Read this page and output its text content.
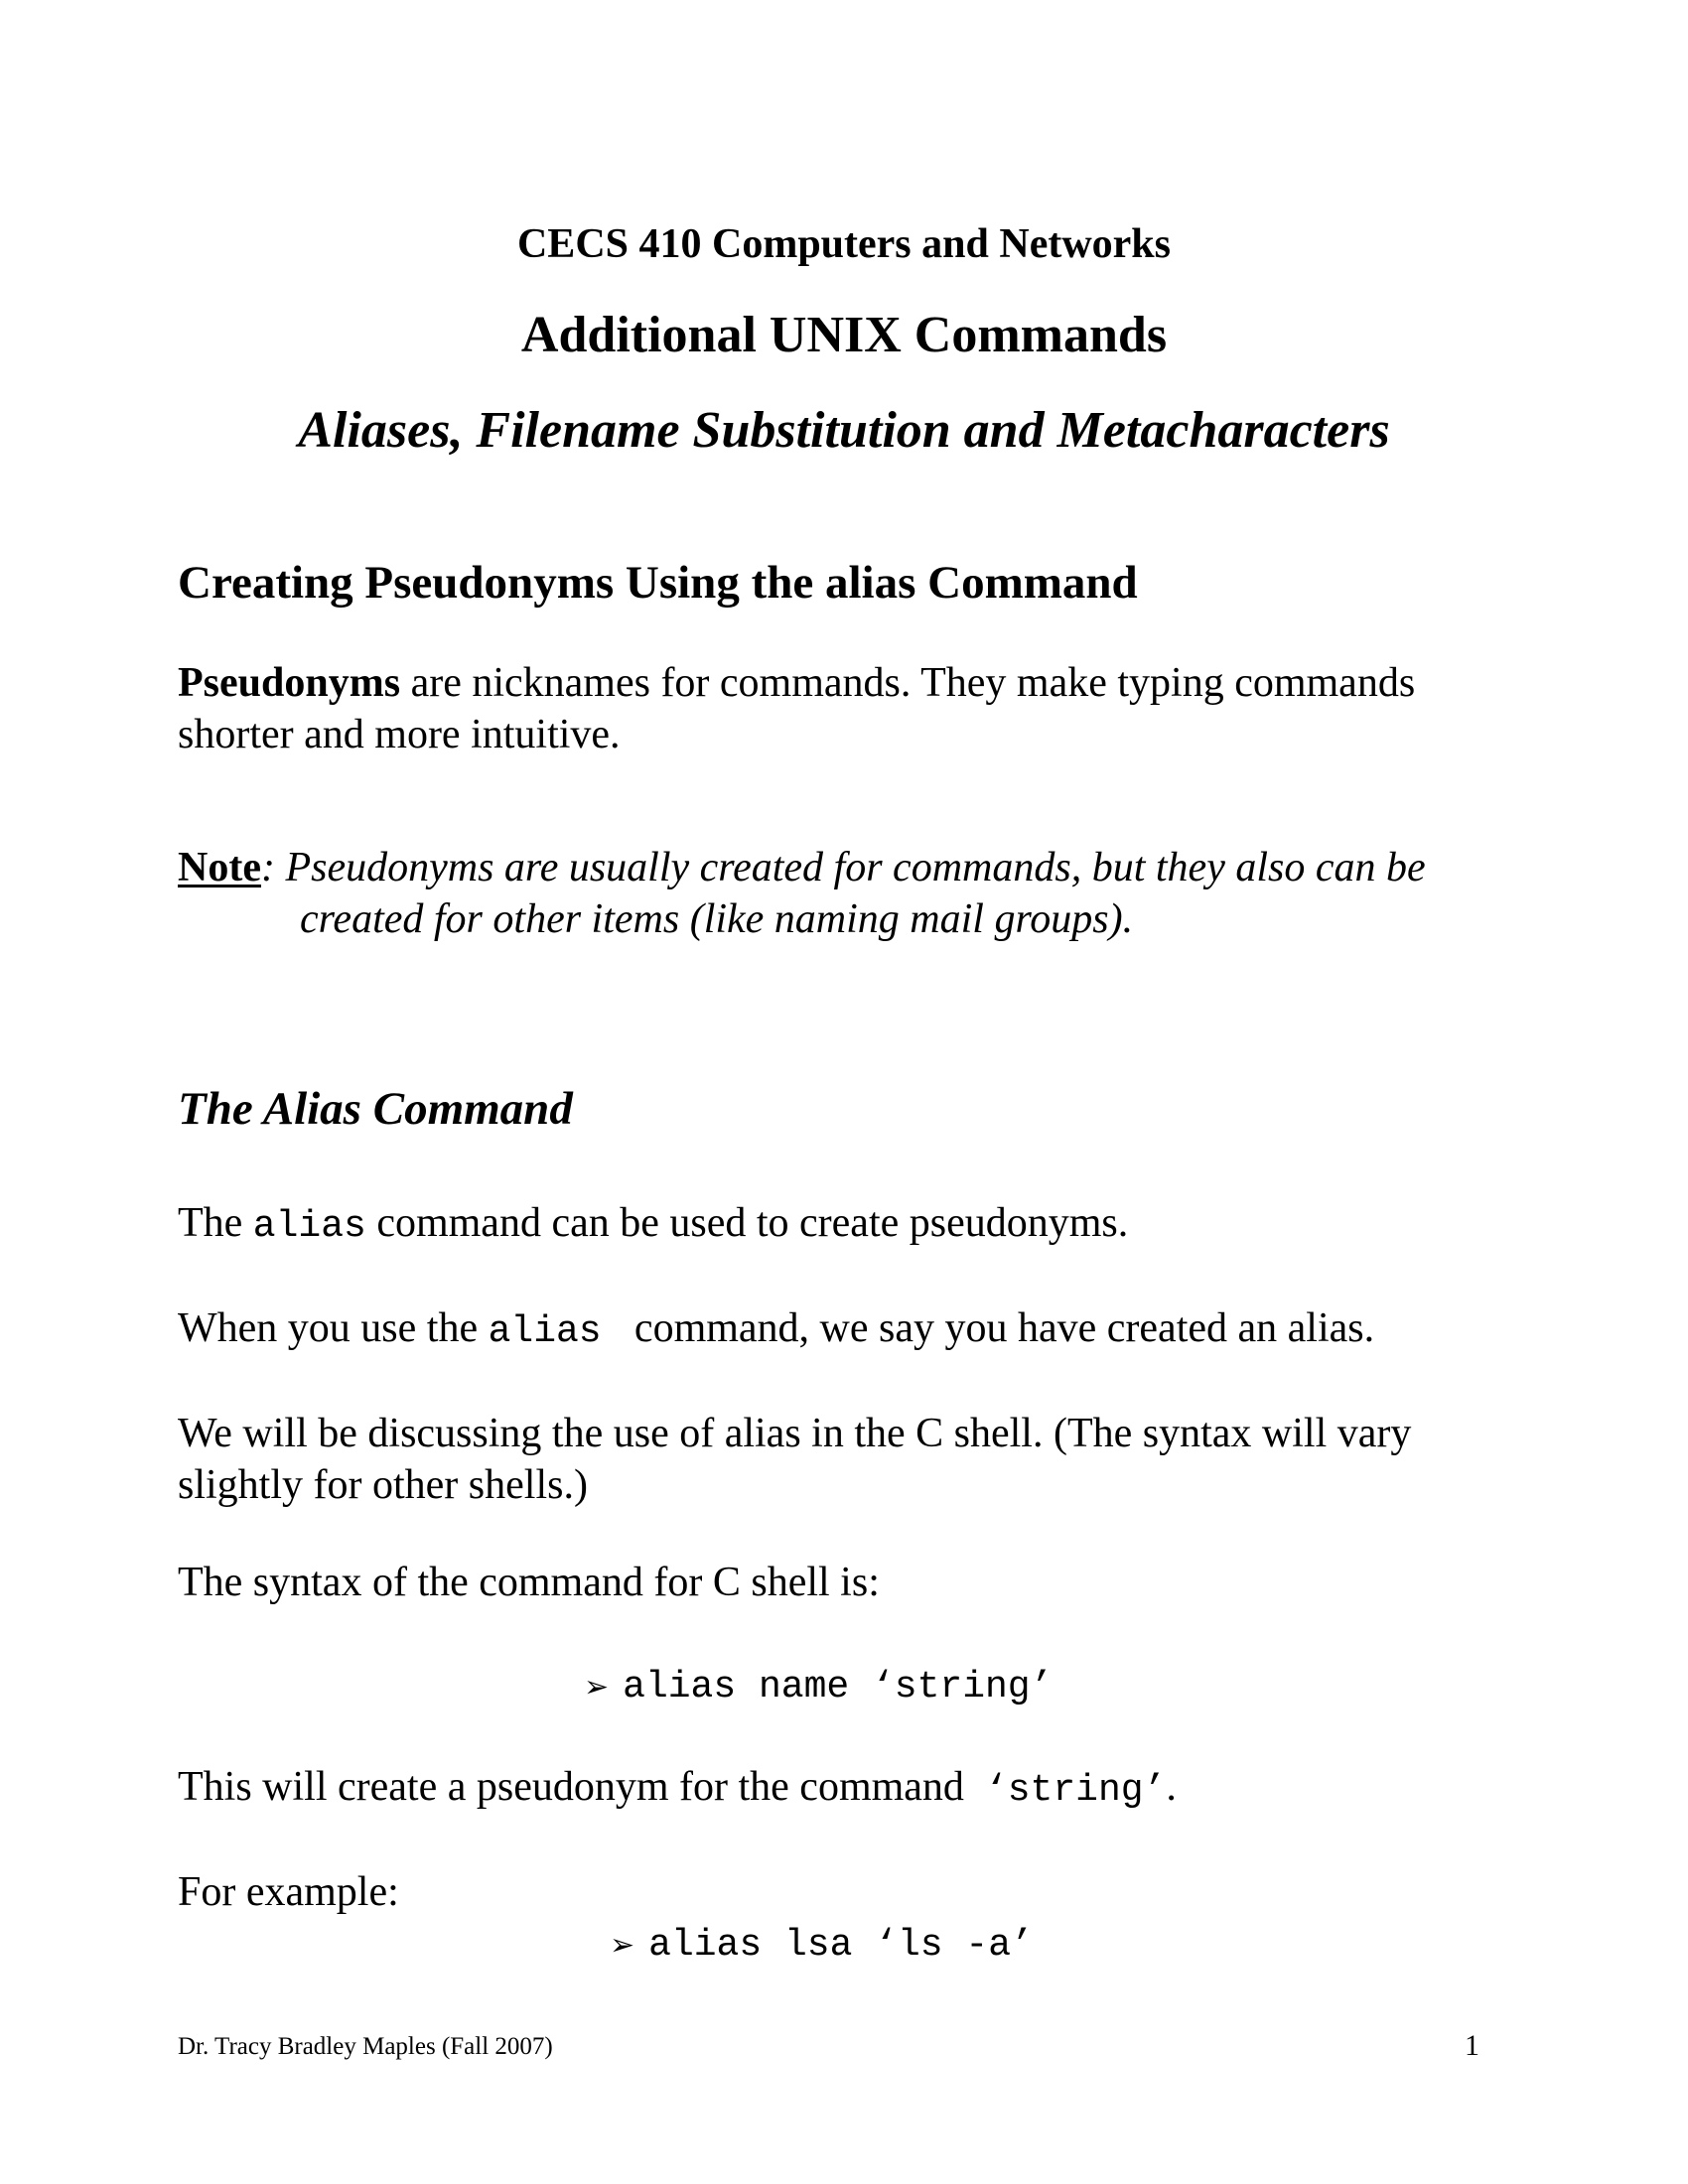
CECS 410 Computers and Networks
Additional UNIX Commands
Aliases, Filename Substitution and Metacharacters
Creating Pseudonyms Using the alias Command
Pseudonyms are nicknames for commands. They make typing commands
shorter and more intuitive.
Note: Pseudonyms are usually created for commands, but they also can be
created for other items (like naming mail groups).
The Alias Command
The alias command can be used to create pseudonyms.
When you use the alias  command, we say you have created an alias.
We will be discussing the use of alias in the C shell. (The syntax will vary
slightly for other shells.)
The syntax of the command for C shell is:
➢ alias name ‘string’
This will create a pseudonym for the command  ‘string’.
For example:
➢ alias lsa ‘ls -a’
Dr. Tracy Bradley Maples (Fall 2007)	1
